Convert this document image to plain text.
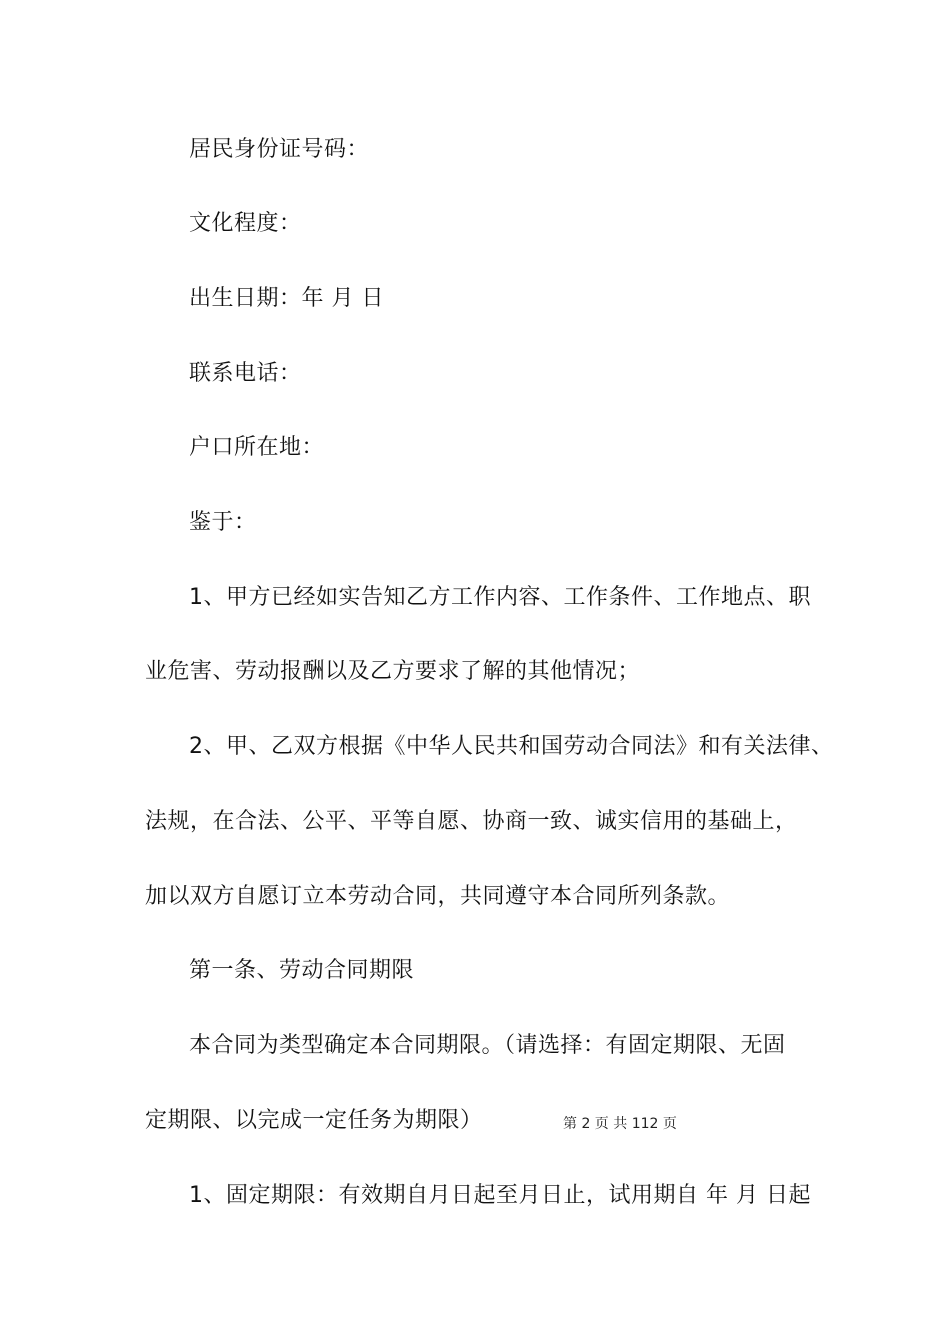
居民身份证号码：
文化程度：
出生日期：年 月 日
联系电话：
户口所在地：
鉴于：
1、甲方已经如实告知乙方工作内容、工作条件、工作地点、职
业危害、劳动报酬以及乙方要求了解的其他情况；
2、甲、乙双方根据《中华人民共和国劳动合同法》和有关法律、
法规，在合法、公平、平等自愿、协商一致、诚实信用的基础上，
加以双方自愿订立本劳动合同，共同遵守本合同所列条款。
第一条、劳动合同期限
本合同为类型确定本合同期限。（请选择：有固定期限、无固
定期限、以完成一定任务为期限）	第 2 页 共 112 页
1、固定期限：有效期自月日起至月日止，试用期自 年 月 日起
